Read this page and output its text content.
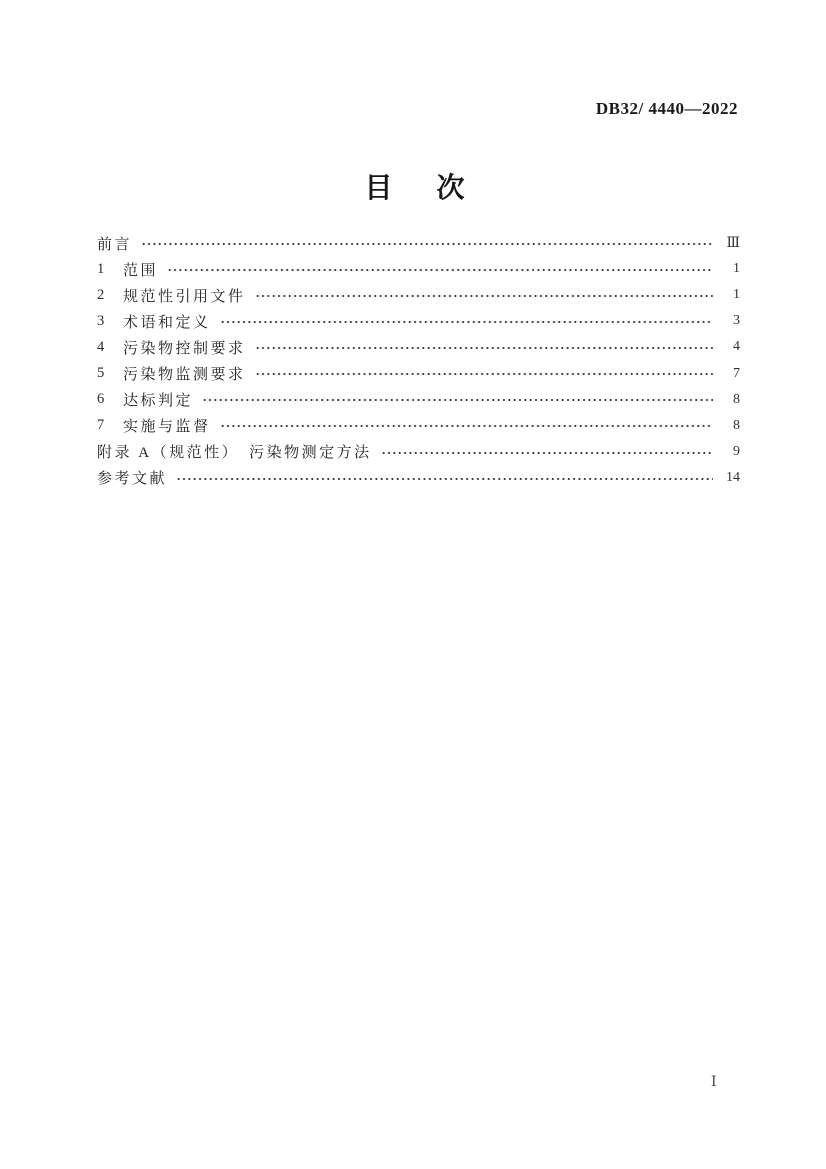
DB32/ 4440—2022
目　次
前言	Ⅲ
1	范围	1
2	规范性引用文件	1
3	术语和定义	3
4	污染物控制要求	4
5	污染物监测要求	7
6	达标判定	8
7	实施与监督	8
附录 A（规范性）　污染物测定方法	9
参考文献	14
Ⅰ
